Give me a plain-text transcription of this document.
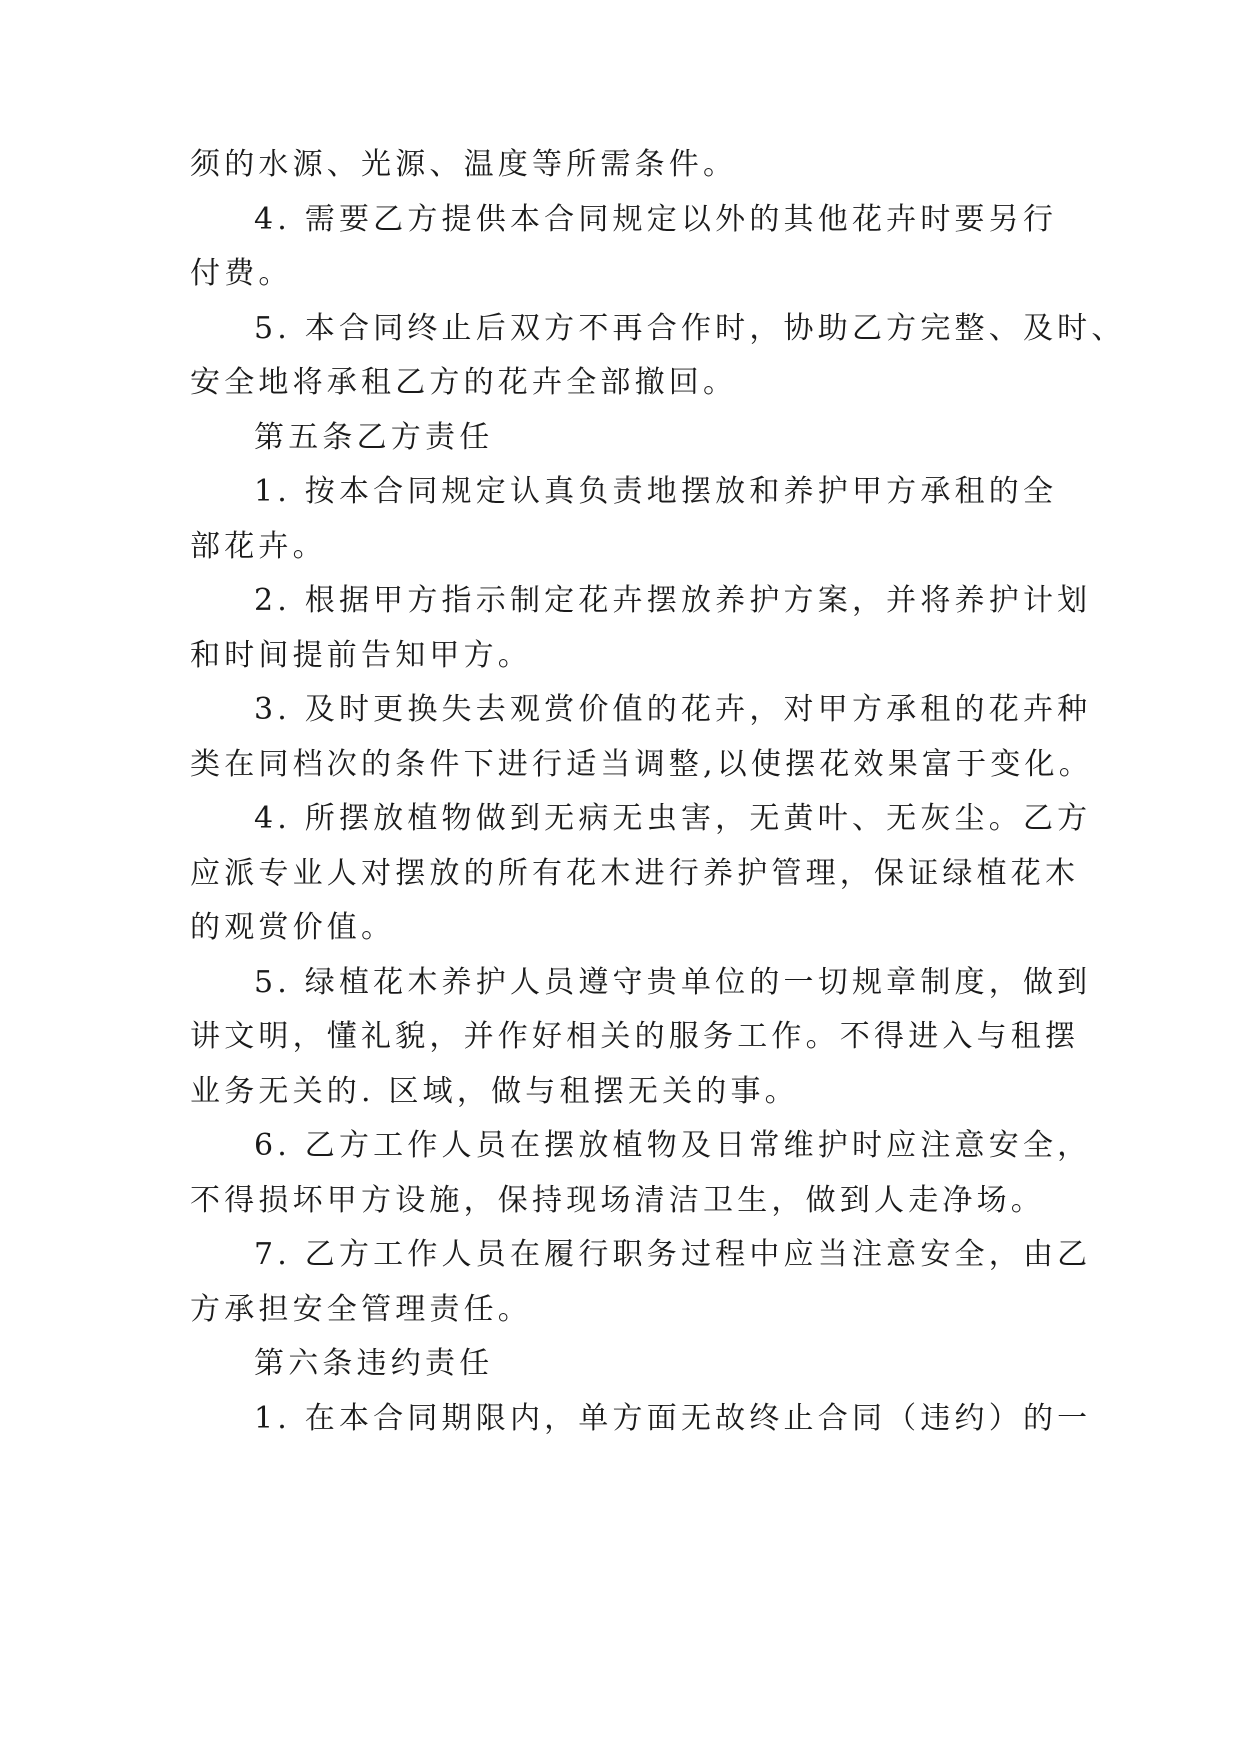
须的水源、光源、温度等所需条件。
4. 需要乙方提供本合同规定以外的其他花卉时要另行
付费。
5. 本合同终止后双方不再合作时，协助乙方完整、及时、
安全地将承租乙方的花卉全部撤回。
第五条乙方责任
1. 按本合同规定认真负责地摆放和养护甲方承租的全
部花卉。
2. 根据甲方指示制定花卉摆放养护方案，并将养护计划
和时间提前告知甲方。
3. 及时更换失去观赏价值的花卉，对甲方承租的花卉种
类在同档次的条件下进行适当调整,以使摆花效果富于变化。
4. 所摆放植物做到无病无虫害，无黄叶、无灰尘。乙方
应派专业人对摆放的所有花木进行养护管理，保证绿植花木
的观赏价值。
5. 绿植花木养护人员遵守贵单位的一切规章制度，做到
讲文明，懂礼貌，并作好相关的服务工作。不得进入与租摆
业务无关的. 区域，做与租摆无关的事。
6. 乙方工作人员在摆放植物及日常维护时应注意安全，
不得损坏甲方设施，保持现场清洁卫生，做到人走净场。
7. 乙方工作人员在履行职务过程中应当注意安全，由乙
方承担安全管理责任。
第六条违约责任
1. 在本合同期限内，单方面无故终止合同（违约）的一
